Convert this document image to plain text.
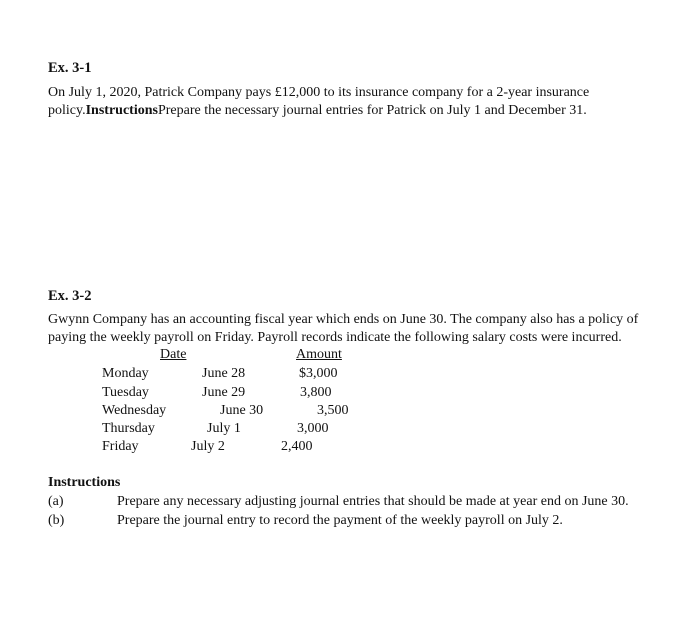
Ex. 3-1
On July 1, 2020, Patrick Company pays £12,000 to its insurance company for a 2-year insurance
policy.InstructionsPrepare the necessary journal entries for Patrick on July 1 and December 31.
Ex. 3-2
Gwynn Company has an accounting fiscal year which ends on June 30. The company also has a policy of
paying the weekly payroll on Friday. Payroll records indicate the following salary costs were incurred.
Date	Amount
Monday	June 28	$3,000
Tuesday	June 29	3,800
Wednesday	June 30	3,500
Thursday	July 1	3,000
Friday	July 2	2,400
Instructions
(a)	Prepare any necessary adjusting journal entries that should be made at year end on June 30.
(b)	Prepare the journal entry to record the payment of the weekly payroll on July 2.
